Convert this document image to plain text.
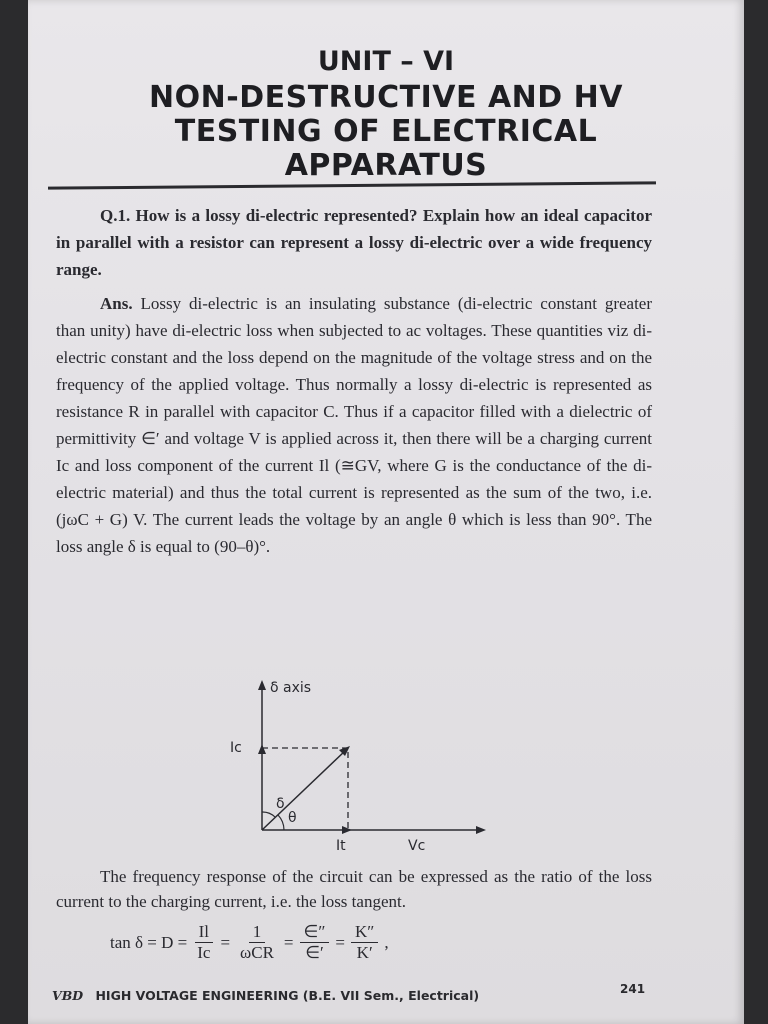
UNIT – VI
NON-DESTRUCTIVE AND HV
TESTING OF ELECTRICAL
APPARATUS
Q.1. How is a lossy di-electric represented? Explain how an ideal capacitor in parallel with a resistor can represent a lossy di-electric over a wide frequency range.
Ans. Lossy di-electric is an insulating substance (di-electric constant greater than unity) have di-electric loss when subjected to ac voltages. These quantities viz di-electric constant and the loss depend on the magnitude of the voltage stress and on the frequency of the applied voltage. Thus normally a lossy di-electric is represented as resistance R in parallel with capacitor C. Thus if a capacitor filled with a dielectric of permittivity ∈′ and voltage V is applied across it, then there will be a charging current Ic and loss component of the current Il (≅GV, where G is the conductance of the di-electric material) and thus the total current is represented as the sum of the two, i.e. (jωC + G) V. The current leads the voltage by an angle θ which is less than 90°. The loss angle δ is equal to (90–θ)°.
δ axis
Ic
δ
θ
It	Vc
The frequency response of the circuit can be expressed as the ratio of the loss current to the charging current, i.e. the loss tangent.
$\tan \delta = D = \frac{Il}{Ic} = \frac{1}{\text{ωCR}} = \frac{\in''}{\in'} = \frac{K''}{K'}$ ,
VBD HIGH VOLTAGE ENGINEERING (B.E. VII Sem., Electrical)	241
